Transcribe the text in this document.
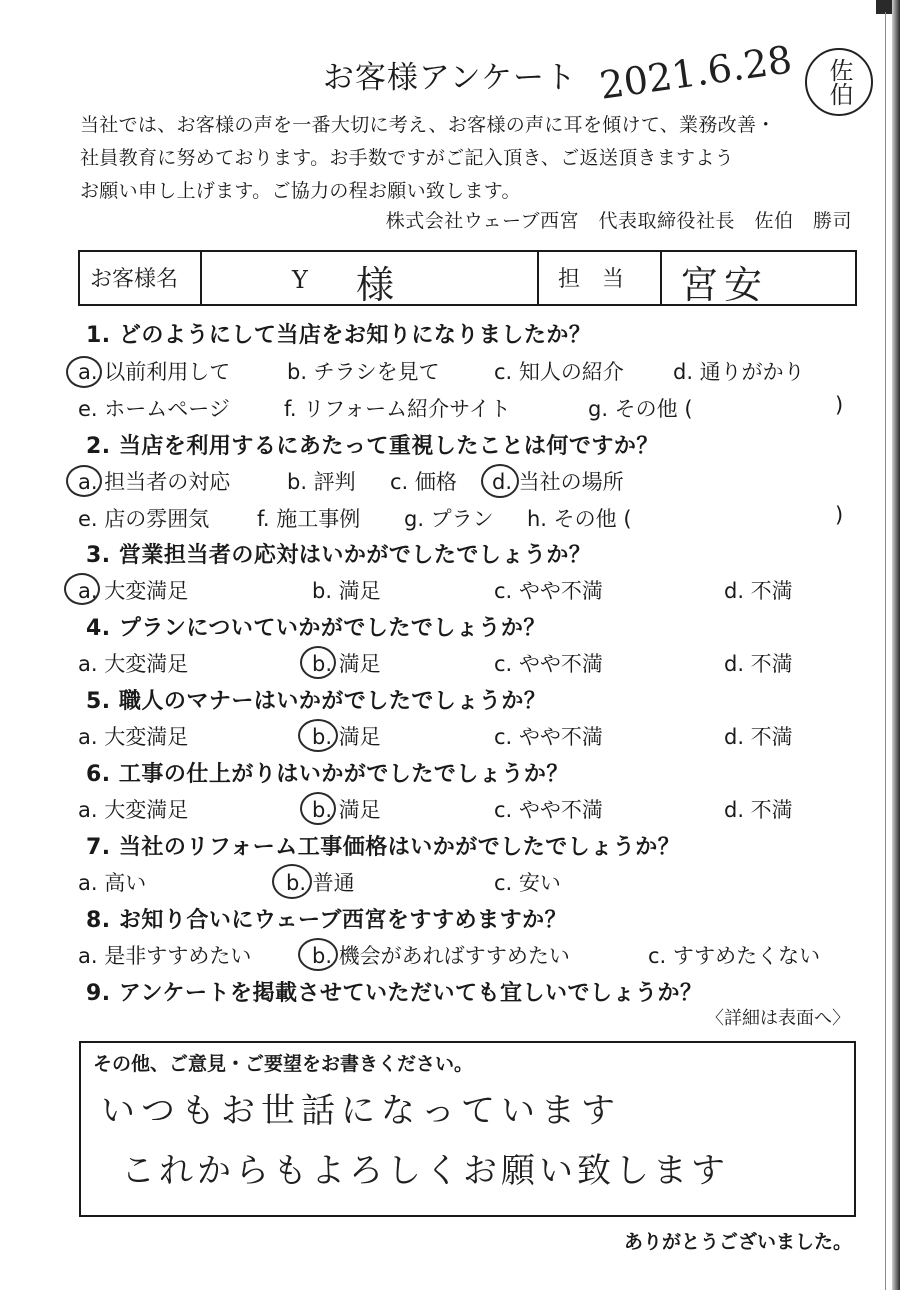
お客様アンケート 2021.6.28 佐伯
当社では、お客様の声を一番大切に考え、お客様の声に耳を傾けて、業務改善・
社員教育に努めております。お手数ですがご記入頂き、ご返送頂きますよう
お願い申し上げます。ご協力の程お願い致します。
株式会社ウェーブ西宮　代表取締役社長　佐伯　勝司
お客様名	Y 様	担　当 宮安
1. どのようにして当店をお知りになりましたか？
a. 以前利用して	b. チラシを見て	c. 知人の紹介 d. 通りがかり
e. ホームページ	f. リフォーム紹介サイト	g. その他 (	)
2. 当店を利用するにあたって重視したことは何ですか？
a. 担当者の対応	b. 評判 c. 価格 d. 当社の場所
e. 店の雰囲気 f. 施工事例 g. プラン h. その他 (	)
3. 営業担当者の応対はいかがでしたでしょうか？
a. 大変満足	b. 満足	c. やや不満	d. 不満
4. プランについていかがでしたでしょうか？
a. 大変満足	b. 満足	c. やや不満	d. 不満
5. 職人のマナーはいかがでしたでしょうか？
a. 大変満足	b. 満足	c. やや不満	d. 不満
6. 工事の仕上がりはいかがでしたでしょうか？
a. 大変満足	b. 満足	c. やや不満	d. 不満
7. 当社のリフォーム工事価格はいかがでしたでしょうか？
a. 高い	b. 普通	c. 安い
8. お知り合いにウェーブ西宮をすすめますか？
a. 是非すすめたい	b. 機会があればすすめたい	c. すすめたくない
9. アンケートを掲載させていただいても宜しいでしょうか？
〈詳細は表面へ〉
その他、ご意見・ご要望をお書きください。
いつもお世話になっています
これからもよろしくお願い致します
ありがとうございました。
